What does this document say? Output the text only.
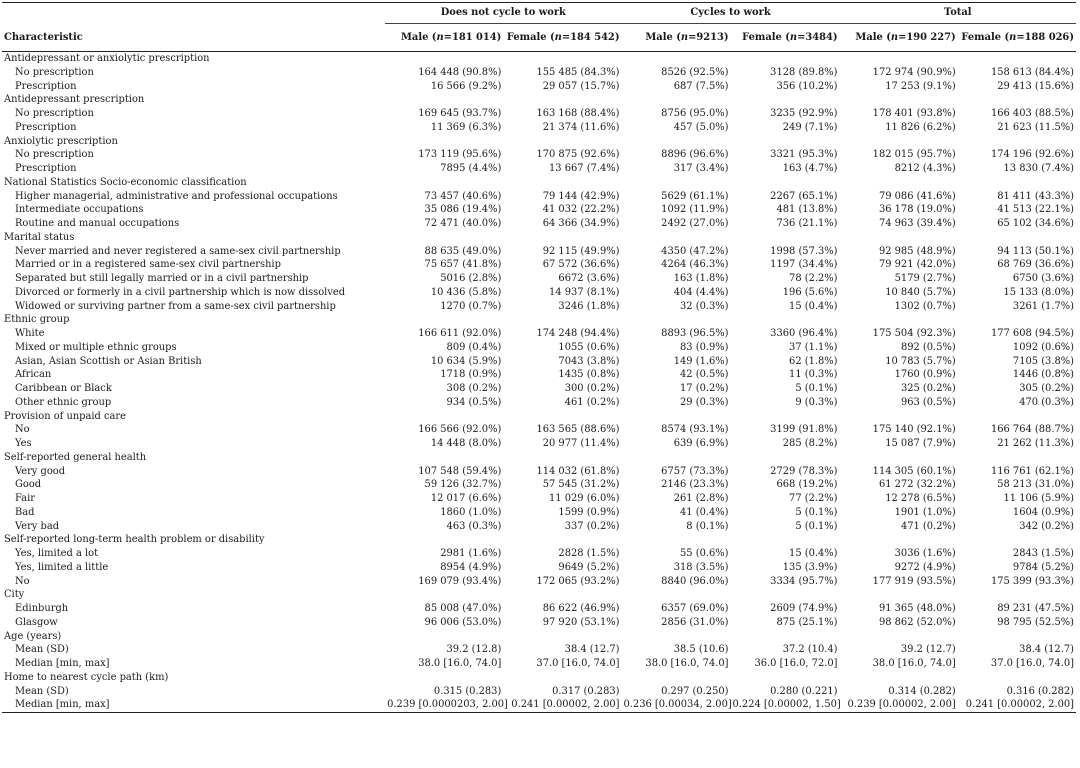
	Does not cycle to work		Cycles to work		Total	
Characteristic	Male (n=181 014)	Female (n=184 542)	Male (n=9213)	Female (n=3484)	Male (n=190 227)	Female (n=188 026)
Antidepressant or anxiolytic prescription						
No prescription	164 448 (90.8%)	155 485 (84.3%)	8526 (92.5%)	3128 (89.8%)	172 974 (90.9%)	158 613 (84.4%)
Prescription	16 566 (9.2%)	29 057 (15.7%)	687 (7.5%)	356 (10.2%)	17 253 (9.1%)	29 413 (15.6%)
Antidepressant prescription						
No prescription	169 645 (93.7%)	163 168 (88.4%)	8756 (95.0%)	3235 (92.9%)	178 401 (93.8%)	166 403 (88.5%)
Prescription	11 369 (6.3%)	21 374 (11.6%)	457 (5.0%)	249 (7.1%)	11 826 (6.2%)	21 623 (11.5%)
Anxiolytic prescription						
No prescription	173 119 (95.6%)	170 875 (92.6%)	8896 (96.6%)	3321 (95.3%)	182 015 (95.7%)	174 196 (92.6%)
Prescription	7895 (4.4%)	13 667 (7.4%)	317 (3.4%)	163 (4.7%)	8212 (4.3%)	13 830 (7.4%)
National Statistics Socio-economic classification						
Higher managerial, administrative and professional occupations	73 457 (40.6%)	79 144 (42.9%)	5629 (61.1%)	2267 (65.1%)	79 086 (41.6%)	81 411 (43.3%)
Intermediate occupations	35 086 (19.4%)	41 032 (22.2%)	1092 (11.9%)	481 (13.8%)	36 178 (19.0%)	41 513 (22.1%)
Routine and manual occupations	72 471 (40.0%)	64 366 (34.9%)	2492 (27.0%)	736 (21.1%)	74 963 (39.4%)	65 102 (34.6%)
Marital status						
Never married and never registered a same-sex civil partnership	88 635 (49.0%)	92 115 (49.9%)	4350 (47.2%)	1998 (57.3%)	92 985 (48.9%)	94 113 (50.1%)
Married or in a registered same-sex civil partnership	75 657 (41.8%)	67 572 (36.6%)	4264 (46.3%)	1197 (34.4%)	79 921 (42.0%)	68 769 (36.6%)
Separated but still legally married or in a civil partnership	5016 (2.8%)	6672 (3.6%)	163 (1.8%)	78 (2.2%)	5179 (2.7%)	6750 (3.6%)
Divorced or formerly in a civil partnership which is now dissolved	10 436 (5.8%)	14 937 (8.1%)	404 (4.4%)	196 (5.6%)	10 840 (5.7%)	15 133 (8.0%)
Widowed or surviving partner from a same-sex civil partnership	1270 (0.7%)	3246 (1.8%)	32 (0.3%)	15 (0.4%)	1302 (0.7%)	3261 (1.7%)
Ethnic group						
White	166 611 (92.0%)	174 248 (94.4%)	8893 (96.5%)	3360 (96.4%)	175 504 (92.3%)	177 608 (94.5%)
Mixed or multiple ethnic groups	809 (0.4%)	1055 (0.6%)	83 (0.9%)	37 (1.1%)	892 (0.5%)	1092 (0.6%)
Asian, Asian Scottish or Asian British	10 634 (5.9%)	7043 (3.8%)	149 (1.6%)	62 (1.8%)	10 783 (5.7%)	7105 (3.8%)
African	1718 (0.9%)	1435 (0.8%)	42 (0.5%)	11 (0.3%)	1760 (0.9%)	1446 (0.8%)
Caribbean or Black	308 (0.2%)	300 (0.2%)	17 (0.2%)	5 (0.1%)	325 (0.2%)	305 (0.2%)
Other ethnic group	934 (0.5%)	461 (0.2%)	29 (0.3%)	9 (0.3%)	963 (0.5%)	470 (0.3%)
Provision of unpaid care						
No	166 566 (92.0%)	163 565 (88.6%)	8574 (93.1%)	3199 (91.8%)	175 140 (92.1%)	166 764 (88.7%)
Yes	14 448 (8.0%)	20 977 (11.4%)	639 (6.9%)	285 (8.2%)	15 087 (7.9%)	21 262 (11.3%)
Self-reported general health						
Very good	107 548 (59.4%)	114 032 (61.8%)	6757 (73.3%)	2729 (78.3%)	114 305 (60.1%)	116 761 (62.1%)
Good	59 126 (32.7%)	57 545 (31.2%)	2146 (23.3%)	668 (19.2%)	61 272 (32.2%)	58 213 (31.0%)
Fair	12 017 (6.6%)	11 029 (6.0%)	261 (2.8%)	77 (2.2%)	12 278 (6.5%)	11 106 (5.9%)
Bad	1860 (1.0%)	1599 (0.9%)	41 (0.4%)	5 (0.1%)	1901 (1.0%)	1604 (0.9%)
Very bad	463 (0.3%)	337 (0.2%)	8 (0.1%)	5 (0.1%)	471 (0.2%)	342 (0.2%)
Self-reported long-term health problem or disability						
Yes, limited a lot	2981 (1.6%)	2828 (1.5%)	55 (0.6%)	15 (0.4%)	3036 (1.6%)	2843 (1.5%)
Yes, limited a little	8954 (4.9%)	9649 (5.2%)	318 (3.5%)	135 (3.9%)	9272 (4.9%)	9784 (5.2%)
No	169 079 (93.4%)	172 065 (93.2%)	8840 (96.0%)	3334 (95.7%)	177 919 (93.5%)	175 399 (93.3%)
City						
Edinburgh	85 008 (47.0%)	86 622 (46.9%)	6357 (69.0%)	2609 (74.9%)	91 365 (48.0%)	89 231 (47.5%)
Glasgow	96 006 (53.0%)	97 920 (53.1%)	2856 (31.0%)	875 (25.1%)	98 862 (52.0%)	98 795 (52.5%)
Age (years)						
Mean (SD)	39.2 (12.8)	38.4 (12.7)	38.5 (10.6)	37.2 (10.4)	39.2 (12.7)	38.4 (12.7)
Median [min, max]	38.0 [16.0, 74.0]	37.0 [16.0, 74.0]	38.0 [16.0, 74.0]	36.0 [16.0, 72.0]	38.0 [16.0, 74.0]	37.0 [16.0, 74.0]
Home to nearest cycle path (km)						
Mean (SD)	0.315 (0.283)	0.317 (0.283)	0.297 (0.250)	0.280 (0.221)	0.314 (0.282)	0.316 (0.282)
Median [min, max]	0.239 [0.0000203, 2.00]	0.241 [0.00002, 2.00]	0.236 [0.00034, 2.00]	0.224 [0.00002, 1.50]	0.239 [0.00002, 2.00]	0.241 [0.00002, 2.00]
